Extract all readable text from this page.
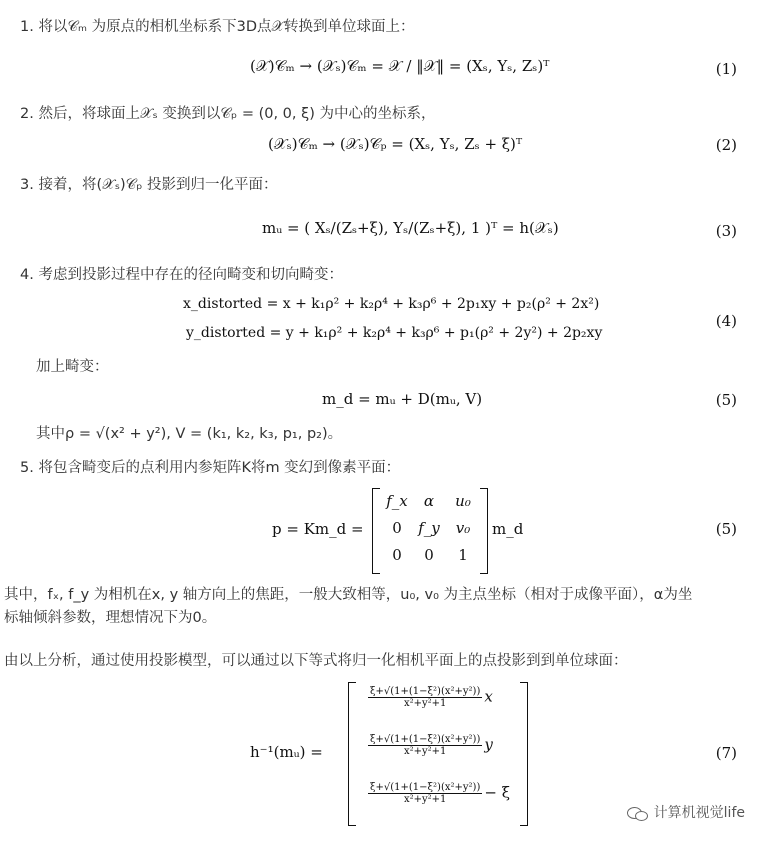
1. 将以𝒞ₘ 为原点的相机坐标系下3D点𝒳转换到单位球面上：
(𝒳)𝒞ₘ → (𝒳ₛ)𝒞ₘ = 𝒳 / ‖𝒳‖ = (Xₛ, Yₛ, Zₛ)ᵀ	(1)
2. 然后，将球面上𝒳ₛ 变换到以𝒞ₚ = (0, 0, ξ) 为中心的坐标系，
(𝒳ₛ)𝒞ₘ → (𝒳ₛ)𝒞ₚ = (Xₛ, Yₛ, Zₛ + ξ)ᵀ	(2)
3. 接着，将(𝒳ₛ)𝒞ₚ 投影到归一化平面：
mᵤ = ( Xₛ/(Zₛ+ξ), Yₛ/(Zₛ+ξ), 1 )ᵀ = h(𝒳ₛ)	(3)
4. 考虑到投影过程中存在的径向畸变和切向畸变：
x_distorted = x + k₁ρ² + k₂ρ⁴ + k₃ρ⁶ + 2p₁xy + p₂(ρ² + 2x²)
y_distorted = y + k₁ρ² + k₂ρ⁴ + k₃ρ⁶ + p₁(ρ² + 2y²) + 2p₂xy
(4)
加上畸变：
m_d = mᵤ + D(mᵤ, V)	(5)
其中ρ = √(x² + y²), V = (k₁, k₂, k₃, p₁, p₂)。
5. 将包含畸变后的点利用内参矩阵K将m 变幻到像素平面：
p = Km_d =
f_x	α	u₀
0	f_y	v₀
0	0	1
m_d	(5)
其中，fₓ, f_y 为相机在x, y 轴方向上的焦距，一般大致相等，u₀, v₀ 为主点坐标（相对于成像平面），α为坐
标轴倾斜参数，理想情况下为0。
由以上分析，通过使用投影模型，可以通过以下等式将归一化相机平面上的点投影到到单位球面：
h⁻¹(mᵤ) =
$\frac{\text{ξ+√(1+(1−ξ²)(x²+y²))}}{\text{x²+y²+1}}$ x
$\frac{\text{ξ+√(1+(1−ξ²)(x²+y²))}}{\text{x²+y²+1}}$ y
$\frac{\text{ξ+√(1+(1−ξ²)(x²+y²))}}{\text{x²+y²+1}} - \xi$
(7)
计算机视觉life
